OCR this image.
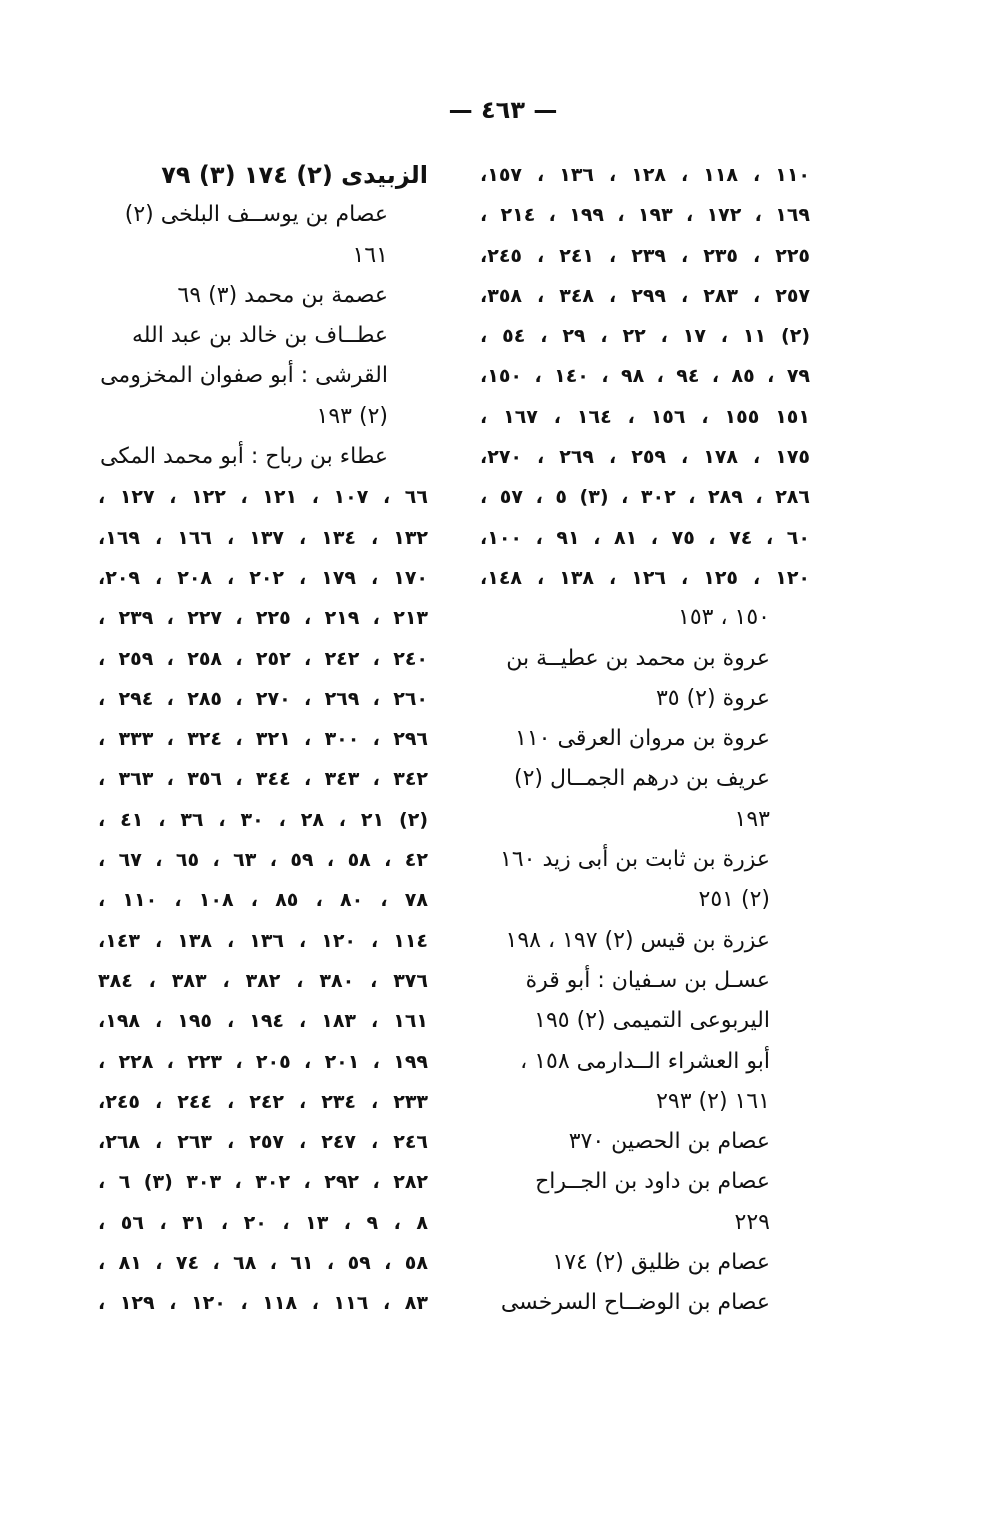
— ٤٦٣ —
١١٠ ، ١١٨ ، ١٢٨ ، ١٣٦ ، ١٥٧،
١٦٩ ، ١٧٢ ، ١٩٣ ، ١٩٩ ، ٢١٤ ،
٢٢٥ ، ٢٣٥ ، ٢٣٩ ، ٢٤١ ، ٢٤٥،
٢٥٧ ، ٢٨٣ ، ٢٩٩ ، ٣٤٨ ، ٣٥٨،
(٢) ١١ ، ١٧ ، ٢٢ ، ٢٩ ، ٥٤ ،
٧٩ ، ٨٥ ، ٩٤ ، ٩٨ ، ١٤٠ ، ١٥٠،
١٥١ ١٥٥ ، ١٥٦ ، ١٦٤ ، ١٦٧ ،
١٧٥ ، ١٧٨ ، ٢٥٩ ، ٢٦٩ ، ٢٧٠،
٢٨٦ ، ٢٨٩ ، ٣٠٢ ، (٣) ٥ ، ٥٧ ،
٦٠ ، ٧٤ ، ٧٥ ، ٨١ ، ٩١ ، ١٠٠،
١٢٠ ، ١٢٥ ، ١٢٦ ، ١٣٨ ، ١٤٨،
١٥٠ ، ١٥٣
عروة بن محمد بن عطيــة بن
عروة (٢) ٣٥
عروة بن مروان العرقى ١١٠
عريف بن درهم الجمــال (٢)
١٩٣
عزرة بن ثابت بن أبى زيد ١٦٠
(٢) ٢٥١
عزرة بن قيس (٢) ١٩٧ ، ١٩٨
عسـل بن سـفيان : أبو قرة
اليربوعى التميمى (٢) ١٩٥
أبو العشراء الــدارمى ١٥٨ ،
١٦١ (٢) ٢٩٣
عصام بن الحصين ٣٧٠
عصام بن داود بن الجــراح
٢٢٩
عصام بن ظليق (٢) ١٧٤
عصام بن الوضــاح السرخسى
الزبيدى (٢) ١٧٤ (٣) ٧٩
عصام بن يوســف البلخى (٢)
١٦١
عصمة بن محمد (٣) ٦٩
عطــاف بن خالد بن عبد الله
القرشى : أبو صفوان المخزومى
(٢) ١٩٣
عطاء بن رباح : أبو محمد المكى
٦٦ ، ١٠٧ ، ١٢١ ، ١٢٢ ، ١٢٧ ،
١٣٢ ، ١٣٤ ، ١٣٧ ، ١٦٦ ، ١٦٩،
١٧٠ ، ١٧٩ ، ٢٠٢ ، ٢٠٨ ، ٢٠٩،
٢١٣ ، ٢١٩ ، ٢٢٥ ، ٢٢٧ ، ٢٣٩ ،
٢٤٠ ، ٢٤٢ ، ٢٥٢ ، ٢٥٨ ، ٢٥٩ ،
٢٦٠ ، ٢٦٩ ، ٢٧٠ ، ٢٨٥ ، ٢٩٤ ،
٢٩٦ ، ٣٠٠ ، ٣٢١ ، ٣٢٤ ، ٣٣٣ ،
٣٤٢ ، ٣٤٣ ، ٣٤٤ ، ٣٥٦ ، ٣٦٣ ،
(٢) ٢١ ، ٢٨ ، ٣٠ ، ٣٦ ، ٤١ ،
٤٢ ، ٥٨ ، ٥٩ ، ٦٣ ، ٦٥ ، ٦٧ ،
٧٨ ، ٨٠ ، ٨٥ ، ١٠٨ ، ١١٠ ،
١١٤ ، ١٢٠ ، ١٣٦ ، ١٣٨ ، ١٤٣،
٣٧٦ ، ٣٨٠ ، ٣٨٢ ، ٣٨٣ ، ٣٨٤
١٦١ ، ١٨٣ ، ١٩٤ ، ١٩٥ ، ١٩٨،
١٩٩ ، ٢٠١ ، ٢٠٥ ، ٢٢٣ ، ٢٢٨ ،
٢٣٣ ، ٢٣٤ ، ٢٤٢ ، ٢٤٤ ، ٢٤٥،
٢٤٦ ، ٢٤٧ ، ٢٥٧ ، ٢٦٣ ، ٢٦٨،
٢٨٢ ، ٢٩٢ ، ٣٠٢ ، ٣٠٣ (٣) ٦ ،
٨ ، ٩ ، ١٣ ، ٢٠ ، ٣١ ، ٥٦ ،
٥٨ ، ٥٩ ، ٦١ ، ٦٨ ، ٧٤ ، ٨١ ،
٨٣ ، ١١٦ ، ١١٨ ، ١٢٠ ، ١٢٩ ،
